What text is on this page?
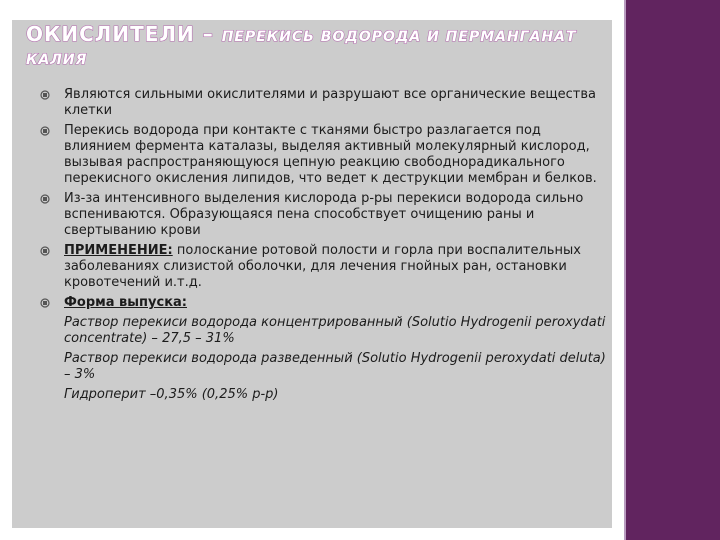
ОКИСЛИТЕЛИ – ПЕРЕКИСЬ ВОДОРОДА И ПЕРМАНГАНАТ КАЛИЯ
Являются сильными окислителями и разрушают все органические вещества клетки
Перекись водорода при контакте с тканями быстро разлагается под влиянием фермента каталазы, выделяя активный молекулярный кислород, вызывая распространяющуюся цепную реакцию свободнорадикального перекисного окисления липидов, что ведет к деструкции мембран и белков.
Из-за интенсивного выделения кислорода р-ры перекиси водорода сильно вспениваются. Образующаяся пена способствует очищению раны и свертыванию крови
ПРИМЕНЕНИЕ: полоскание ротовой полости и горла при воспалительных заболеваниях слизистой оболочки, для лечения гнойных ран, остановки кровотечений и.т.д.
Форма выпуска:
Раствор перекиси водорода концентрированный (Solutio Hydrogenii peroxydati concentrate) – 27,5 – 31%
Раствор перекиси водорода разведенный (Solutio Hydrogenii peroxydati deluta) – 3%
Гидроперит –0,35% (0,25% р-р)
